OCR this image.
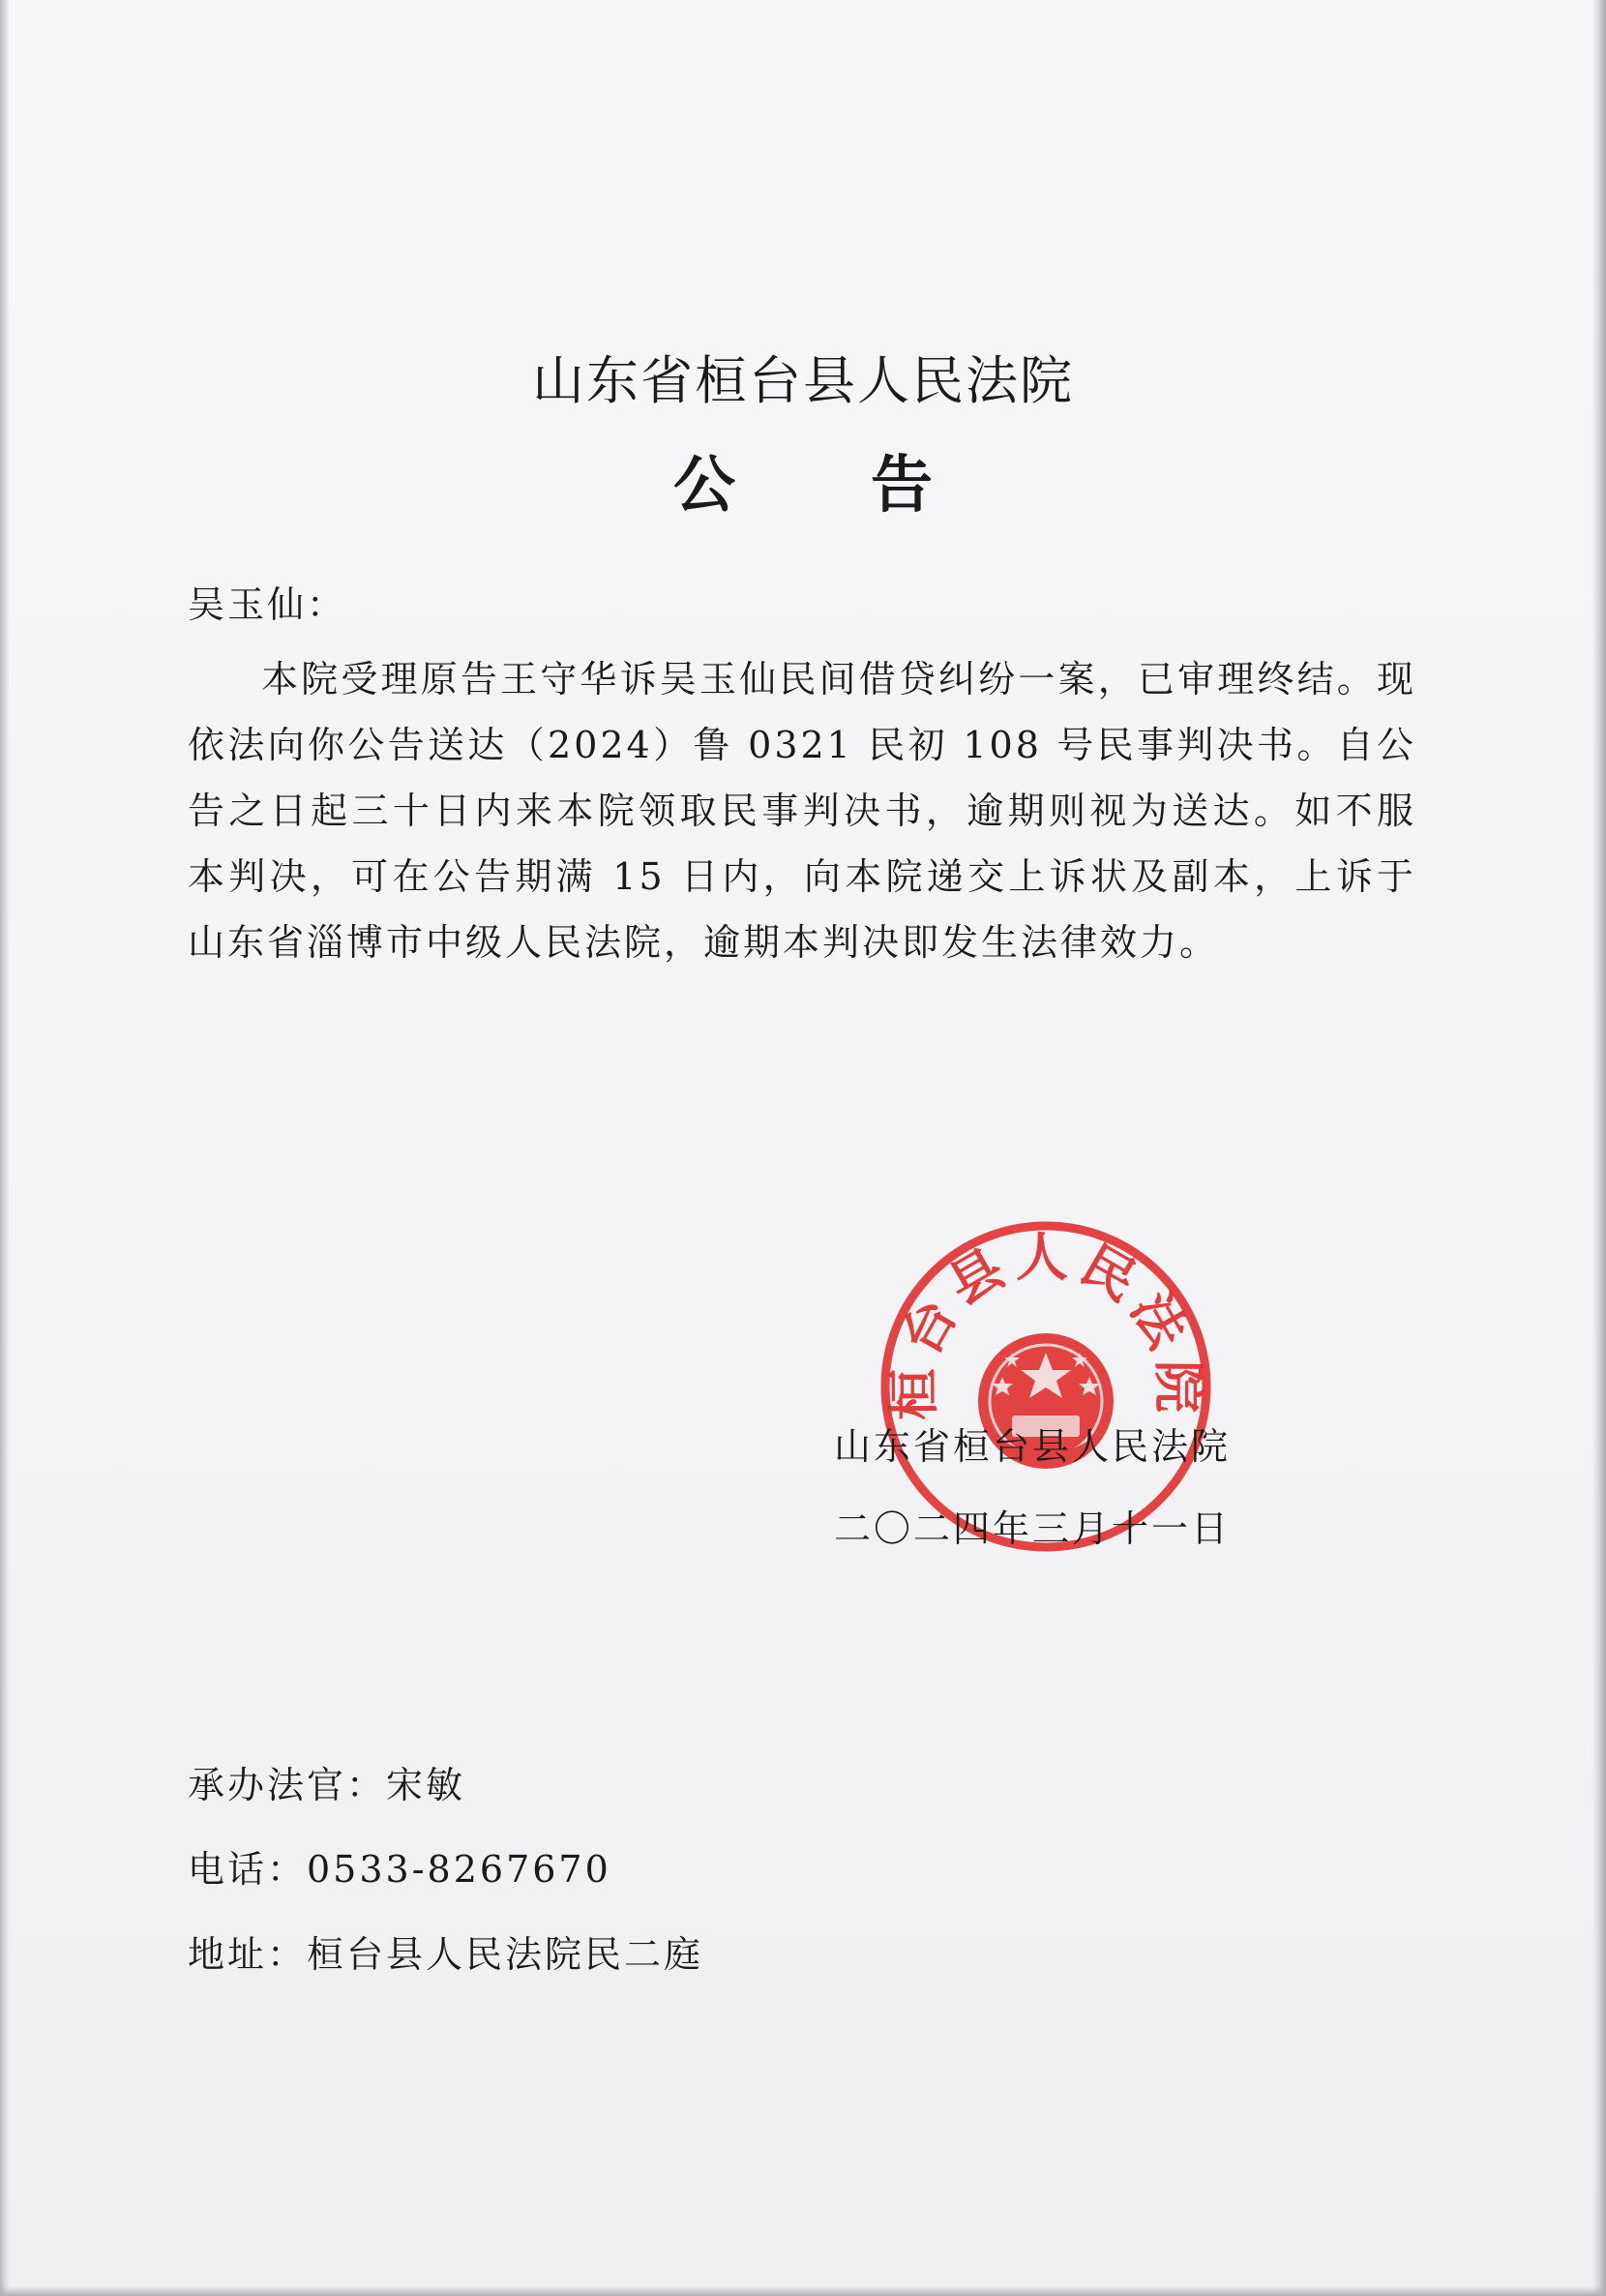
山东省桓台县人民法院
公告
吴玉仙：
本院受理原告王守华诉吴玉仙民间借贷纠纷一案，已审理终结。现依法向你公告送达（2024）鲁 0321 民初 108 号民事判决书。自公告之日起三十日内来本院领取民事判决书，逾期则视为送达。如不服本判决，可在公告期满 15 日内，向本院递交上诉状及副本，上诉于山东省淄博市中级人民法院，逾期本判决即发生法律效力。
桓台县人民法院
山东省桓台县人民法院
二〇二四年三月十一日
承办法官：宋敏
电话：0533-8267670
地址：桓台县人民法院民二庭
